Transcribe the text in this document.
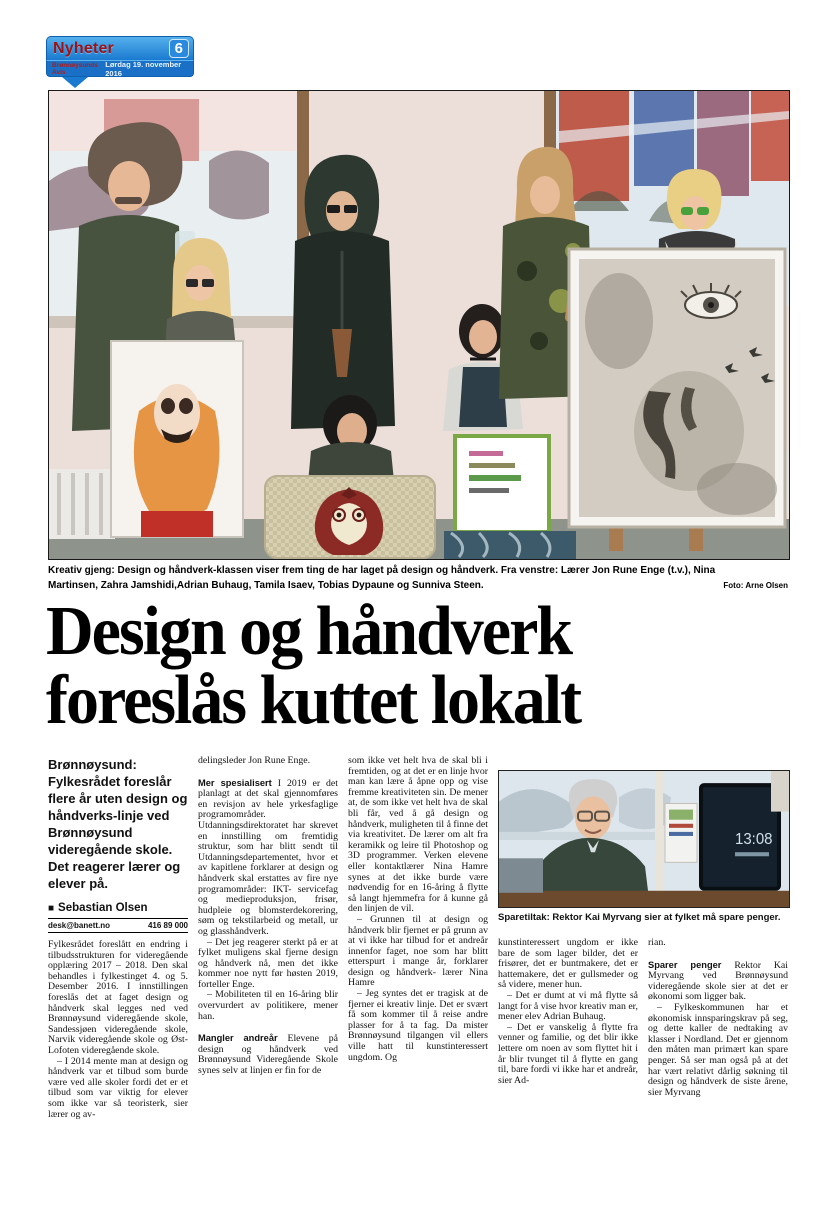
Nyheter	6
Brønnøysunds Avis
Lørdag 19. november 2016
Foto: Arne Olsen
Kreativ gjeng: Design og håndverk-klassen viser frem ting de har laget på design og håndverk. Fra venstre: Lærer Jon Rune Enge (t.v.), Nina Martinsen, Zahra Jamshidi,Adrian Buhaug, Tamila Isaev, Tobias Dypaune og Sunniva Steen.
Design og håndverk
foreslås kuttet lokalt

Brønnøysund: Fylkesrådet foreslår flere år uten design og håndverks-linje ved Brønnøysund videregående skole. Det reagerer lærer og elever på.

■ Sebastian Olsen
desk@banett.no	416 89 000

Fylkesrådet foreslått en endring i tilbudsstrukturen for videregående opplæring 2017 – 2018. Den skal behandles i fylkestinget 4. og 5. Desember 2016. I innstillingen foreslås det at faget design og håndverk skal legges ned ved Brønnøysund videregående skole, Sandessjøen videregående skole, Narvik videregående skole og Øst-Lofoten videregående skole.

– I 2014 mente man at design og håndverk var et tilbud som burde være ved alle skoler fordi det er et tilbud som var viktig for elever som ikke var så teoristerk, sier lærer og av-

delingsleder Jon Rune Enge.

Mer spesialisert I 2019 er det planlagt at det skal gjennomføres en revisjon av hele yrkesfaglige programområder. Utdanningsdirektoratet har skrevet en innstilling om fremtidig struktur, som har blitt sendt til Utdanningsdepartementet, hvor et av kapitlene forklarer at design og håndverk skal erstattes av fire nye programområder: IKT- servicefag og medieproduksjon, frisør, hudpleie og blomsterdekorering, søm og tekstilarbeid og metall, ur og glasshåndverk.

– Det jeg reagerer sterkt på er at fylket muligens skal fjerne design og håndverk nå, men det ikke kommer noe nytt før høsten 2019, forteller Enge.

– Mobiliteten til en 16-åring blir overvurdert av politikere, mener han.

Mangler andreår Elevene på design og håndverk ved Brønnøysund Videregående Skole synes selv at linjen er fin for de

som ikke vet helt hva de skal bli i fremtiden, og at det er en linje hvor man kan lære å åpne opp og vise fremme kreativiteten sin. De mener at, de som ikke vet helt hva de skal bli får, ved å gå design og håndverk, muligheten til å finne det via kreativitet. De lærer om alt fra keramikk og leire til Photoshop og 3D programmer. Verken elevene eller kontaktlærer Nina Hamre synes at det ikke burde være nødvendig for en 16-åring å flytte så langt hjemmefra for å kunne gå den linjen de vil.

– Grunnen til at design og håndverk blir fjernet er på grunn av at vi ikke har tilbud for et andreår innenfor faget, noe som har blitt etterspurt i mange år, forklarer design og håndverk- lærer Nina Hamre

– Jeg syntes det er tragisk at de fjerner ei kreativ linje. Det er svært få som kommer til å reise andre plasser for å ta fag. Da mister Brønnøysund tilgangen vil ellers ville hatt til kunstinteressert ungdom. Og

13:08
Sparetiltak: Rektor Kai Myrvang sier at fylket må spare penger.

kunstinteressert ungdom er ikke bare de som lager bilder, det er frisører, det er buntmakere, det er hattemakere, det er gullsmeder og så videre, mener hun.

– Det er dumt at vi må flytte så langt for å vise hvor kreativ man er, mener elev Adrian Buhaug.

– Det er vanskelig å flytte fra venner og familie, og det blir ikke lettere om noen av som flyttet hit i år blir tvunget til å flytte en gang til, bare fordi vi ikke har et andreår, sier Ad-

rian.

Sparer penger Rektor Kai Myrvang ved Brønnøysund videregående skole sier at det er økonomi som ligger bak.

– Fylkeskommunen har et økonomisk innsparingskrav på seg, og dette kaller de nedtaking av klasser i Nordland. Det er gjennom den måten man primært kan spare penger. Så ser man også på at det har vært relativt dårlig søkning til design og håndverk de siste årene, sier Myrvang
